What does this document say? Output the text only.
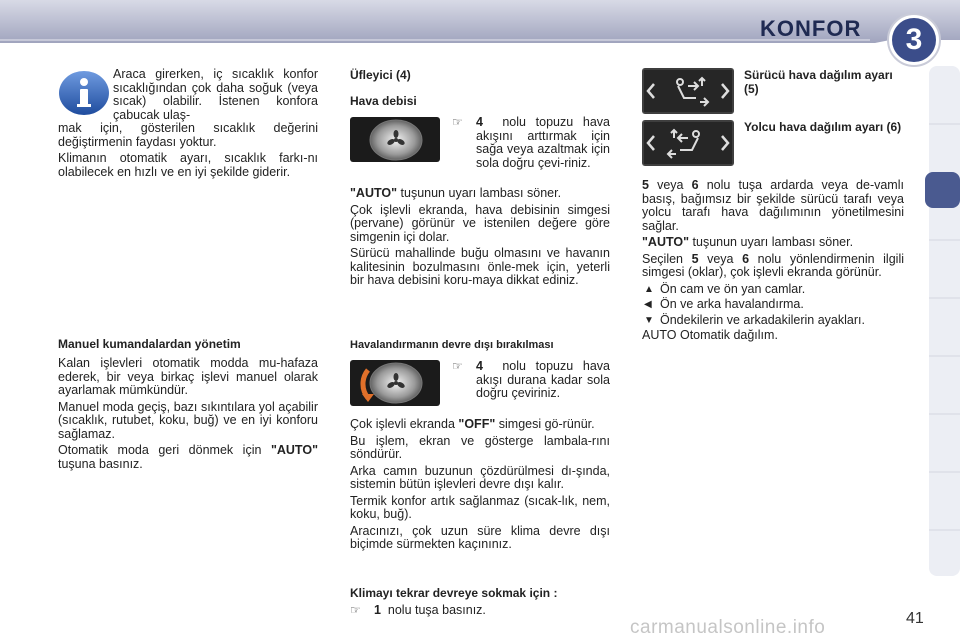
KONFOR	3
Araca girerken, iç sıcaklık konfor sıcaklığından çok daha soğuk (veya sıcak) olabilir. İstenen konfora çabucak ulaş-
mak için, gösterilen sıcaklık değerini değiştirmenin faydası yoktur.
Klimanın otomatik ayarı, sıcaklık farkı-nı olabilecek en hızlı ve en iyi şekilde giderir.
Manuel kumandalardan yönetim
Kalan işlevleri otomatik modda mu-hafaza ederek, bir veya birkaç işlevi manuel olarak ayarlamak mümkündür.
Manuel moda geçiş, bazı sıkıntılara yol açabilir (sıcaklık, rutubet, koku, buğ) ve en iyi konforu sağlamaz.
Otomatik moda geri dönmek için "AUTO" tuşuna basınız.
Üfleyici (4)
Hava debisi
☞ 4 nolu topuzu hava akışını arttırmak için sağa veya azaltmak için sola doğru çevi-riniz.
"AUTO" tuşunun uyarı lambası söner.
Çok işlevli ekranda, hava debisinin simgesi (pervane) görünür ve istenilen değere göre simgenin içi dolar.
Sürücü mahallinde buğu olmasını ve havanın kalitesinin bozulmasını önle-mek için, yeterli bir hava debisini koru-maya dikkat ediniz.
Havalandırmanın devre dışı bırakılması
☞ 4 nolu topuzu hava akışı durana kadar sola doğru çeviriniz.
Çok işlevli ekranda "OFF" simgesi gö-rünür.
Bu işlem, ekran ve gösterge lambala-rını söndürür.
Arka camın buzunun çözdürülmesi dı-şında, sistemin bütün işlevleri devre dışı kalır.
Termik konfor artık sağlanmaz (sıcak-lık, nem, koku, buğ).
Aracınızı, çok uzun süre klima devre dışı biçimde sürmekten kaçınınız.
Klimayı tekrar devreye sokmak için :
☞ 1 nolu tuşa basınız.
Sürücü hava dağılım ayarı (5)
Yolcu hava dağılım ayarı (6)
5 veya 6 nolu tuşa ardarda veya de-vamlı basış, bağımsız bir şekilde sürücü tarafı veya yolcu tarafı hava dağılımının yönetilmesini sağlar.
"AUTO" tuşunun uyarı lambası söner.
Seçilen 5 veya 6 nolu yönlendirmenin ilgili simgesi (oklar), çok işlevli ekranda görünür.
▲ Ön cam ve ön yan camlar.
◀ Ön ve arka havalandırma.
▼ Öndekilerin ve arkadakilerin ayakları.
AUTO Otomatik dağılım.
carmanualsonline.info	41
